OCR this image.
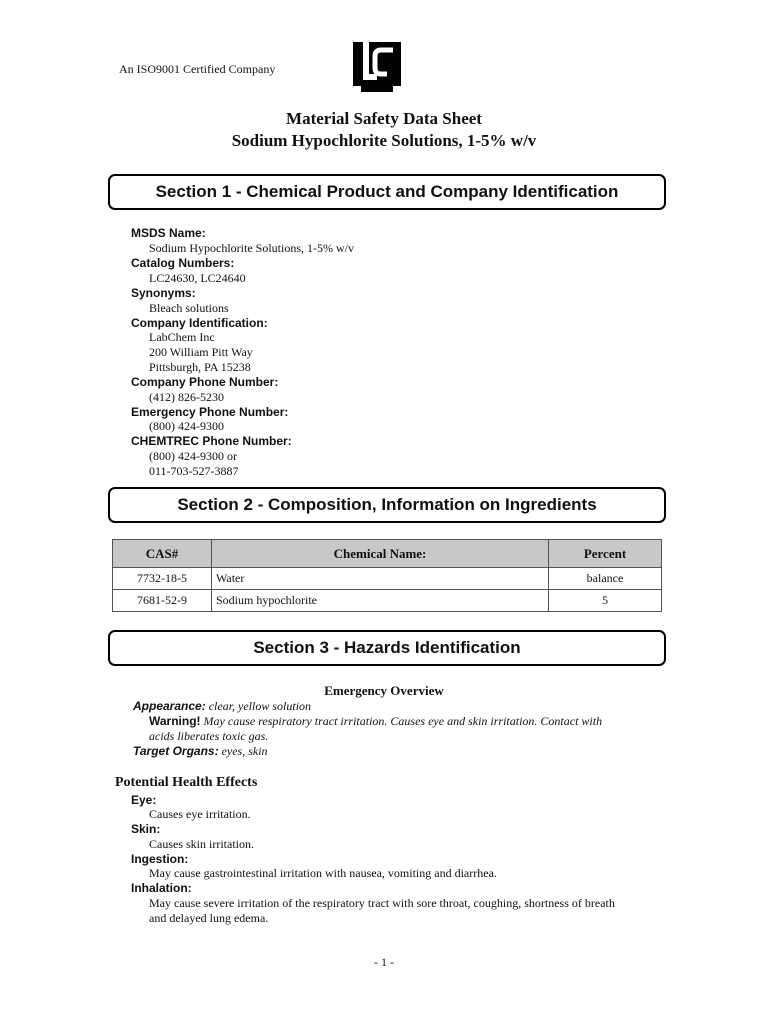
An ISO9001 Certified Company
Material Safety Data Sheet
Sodium Hypochlorite Solutions, 1-5% w/v
Section 1 - Chemical Product and Company Identification
MSDS Name:
Sodium Hypochlorite Solutions, 1-5% w/v
Catalog Numbers:
LC24630, LC24640
Synonyms:
Bleach solutions
Company Identification:
LabChem Inc
200 William Pitt Way
Pittsburgh, PA 15238
Company Phone Number:
(412) 826-5230
Emergency Phone Number:
(800) 424-9300
CHEMTREC Phone Number:
(800) 424-9300 or
011-703-527-3887
Section 2 - Composition, Information on Ingredients
CAS#	Chemical Name:	Percent
7732-18-5	Water	balance
7681-52-9	Sodium hypochlorite	5
Section 3 - Hazards Identification
Emergency Overview
Appearance: clear, yellow solution
Warning! May cause respiratory tract irritation. Causes eye and skin irritation. Contact with
acids liberates toxic gas.
Target Organs: eyes, skin
Potential Health Effects
Eye:
Causes eye irritation.
Skin:
Causes skin irritation.
Ingestion:
May cause gastrointestinal irritation with nausea, vomiting and diarrhea.
Inhalation:
May cause severe irritation of the respiratory tract with sore throat, coughing, shortness of breath
and delayed lung edema.
- 1 -
